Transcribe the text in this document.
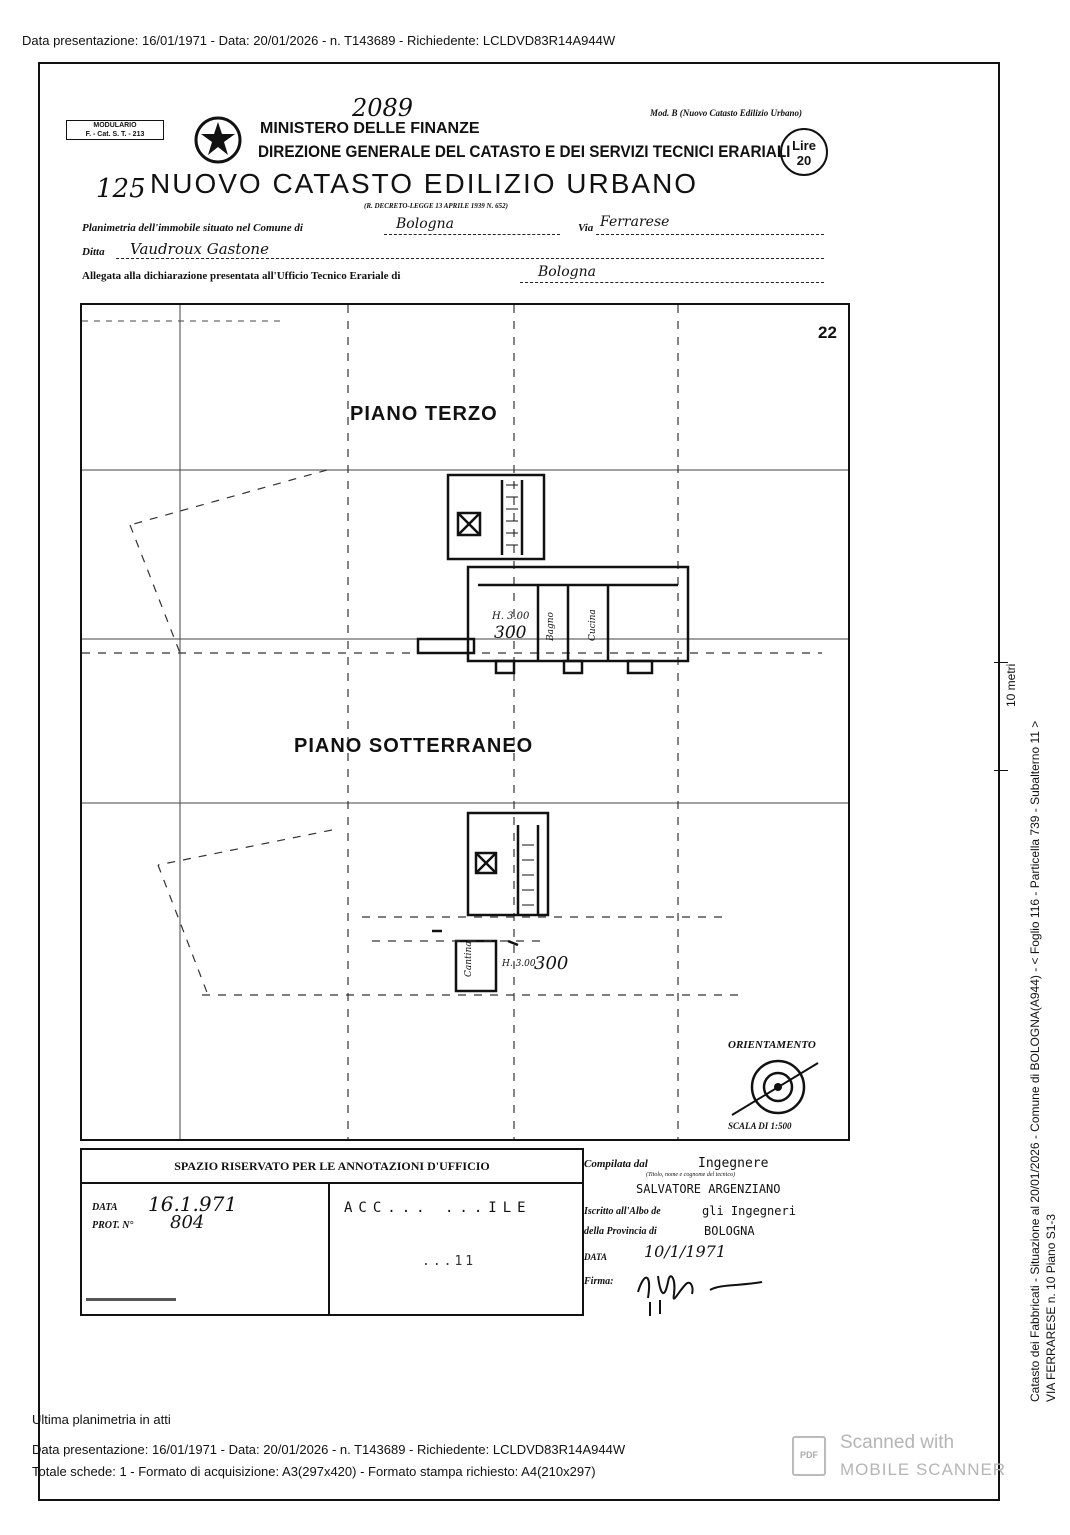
Data presentazione: 16/01/1971 - Data: 20/01/2026 - n. T143689 - Richiedente: LCLDVD83R14A944W
MODULARIO
F. - Cat. S. T. - 213
2089
MINISTERO DELLE FINANZE
DIREZIONE GENERALE DEL CATASTO E DEI SERVIZI TECNICI ERARIALI
Mod. B (Nuovo Catasto Edilizio Urbano)
Lire
20
125 NUOVO CATASTO EDILIZIO URBANO
(R. DECRETO-LEGGE 13 APRILE 1939 N. 652)
Planimetria dell'immobile situato nel Comune di	Bologna	Via Ferrarese
Ditta Vaudroux Gastone
Allegata alla dichiarazione presentata all'Ufficio Tecnico Erariale di	Bologna
22
PIANO TERZO
PIANO SOTTERRANEO
H. 3.00
300 Bagno	Cucina
Cantina	H. 3.00
300
ORIENTAMENTO
SCALA DI 1:500
SPAZIO RISERVATO PER LE ANNOTAZIONI D'UFFICIO
DATA 16.1.971
PROT. N° 804
ACC... ...ILE
...11
Compilata dal	Ingegnere
(Titolo, nome e cognome del tecnico)
SALVATORE ARGENZIANO
Iscritto all'Albo de	gli Ingegneri
della Provincia di	BOLOGNA
DATA 10/1/1971
Firma:	Catasto dei Fabbricati - Situazione al 20/01/2026 - Comune di BOLOGNA(A944) - < Foglio 116 - Particella 739 - Subalterno 11 > VIA FERRARESE n. 10 Piano S1-3
10 metri
Ultima planimetria in atti
Data presentazione: 16/01/1971 - Data: 20/01/2026 - n. T143689 - Richiedente: LCLDVD83R14A944W
Totale schede: 1 - Formato di acquisizione: A3(297x420) - Formato stampa richiesto: A4(210x297)
PDF
Scanned with
MOBILE SCANNER
